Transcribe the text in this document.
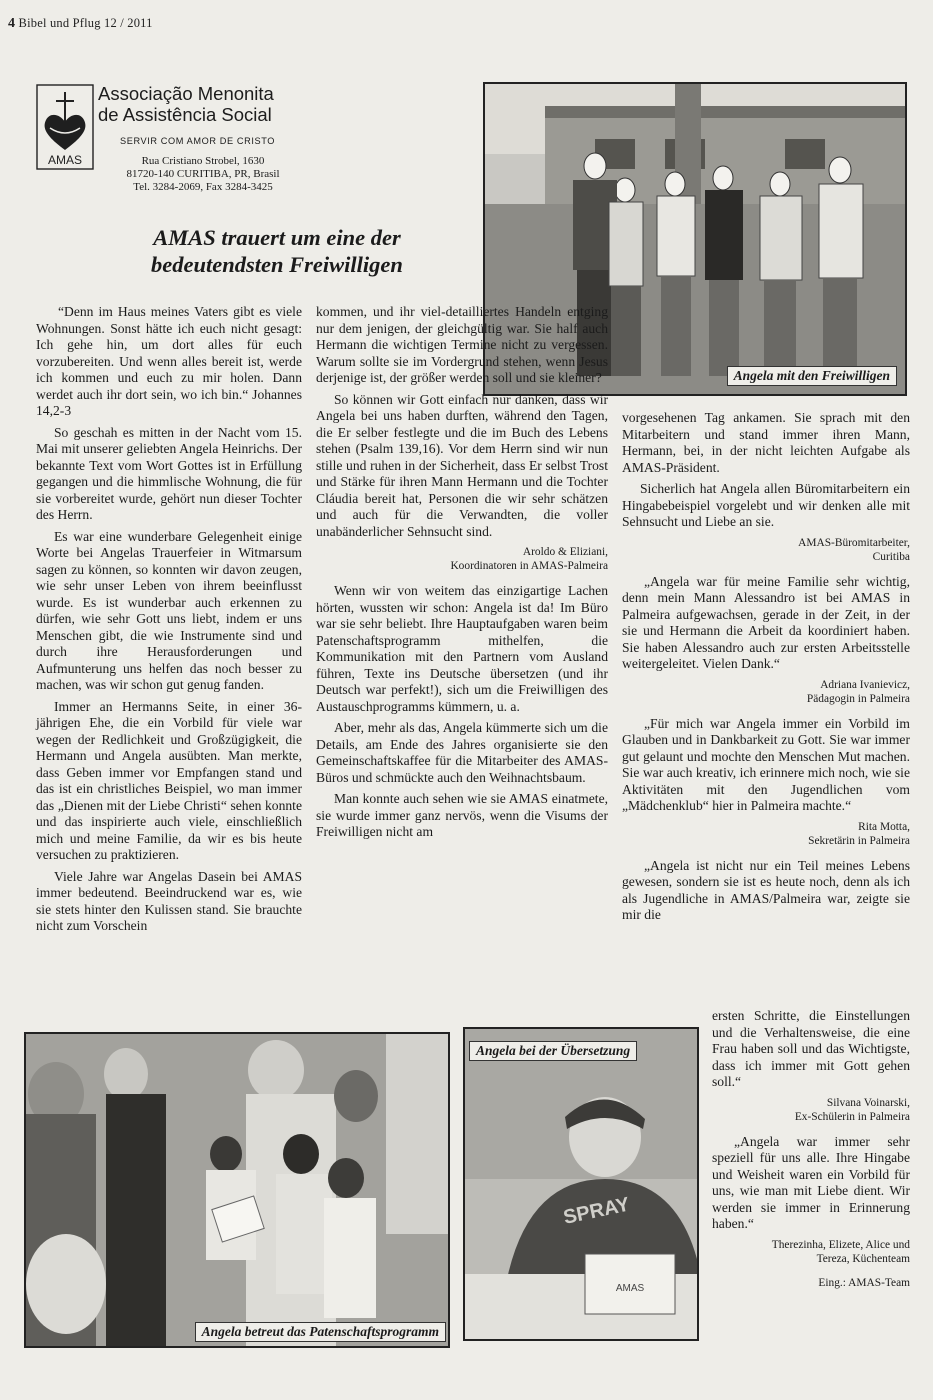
4 Bibel und Pflug 12 / 2011
AMAS
Associação Menonita
de Assistência Social
SERVIR COM AMOR DE CRISTO
Rua Cristiano Strobel, 1630
81720-140 CURITIBA, PR, Brasil
Tel. 3284-2069, Fax 3284-3425
AMAS trauert um eine der
bedeutendsten Freiwilligen
Angela mit den Freiwilligen

“Denn im Haus meines Vaters gibt es viele Wohnungen. Sonst hätte ich euch nicht gesagt: Ich gehe hin, um dort alles für euch vorzubereiten. Und wenn alles bereit ist, werde ich kommen und euch zu mir holen. Dann werdet auch ihr dort sein, wo ich bin.“ Johannes 14,2-3

So geschah es mitten in der Nacht vom 15. Mai mit unserer geliebten Angela Heinrichs. Der bekannte Text vom Wort Gottes ist in Erfüllung gegangen und die himmlische Wohnung, die für sie vorbereitet wurde, gehört nun dieser Tochter des Herrn.

Es war eine wunderbare Gelegenheit einige Worte bei Angelas Trauerfeier in Witmarsum sagen zu können, so konnten wir davon zeugen, wie sehr unser Leben von ihrem beeinflusst wurde. Es ist wunderbar auch erkennen zu dürfen, wie sehr Gott uns liebt, indem er uns Menschen gibt, die wie Instrumente sind und durch ihre Herausforderungen und Aufmunterung uns helfen das noch besser zu machen, was wir schon gut genug fanden.

Immer an Hermanns Seite, in einer 36-jährigen Ehe, die ein Vorbild für viele war wegen der Redlichkeit und Großzügigkeit, die Hermann und Angela ausübten. Man merkte, dass Geben immer vor Empfangen stand und das ist ein christliches Beispiel, wo man immer das „Dienen mit der Liebe Christi“ sehen konnte und das inspirierte auch viele, einschließlich mich und meine Familie, da wir es bis heute versuchen zu praktizieren.

Viele Jahre war Angelas Dasein bei AMAS immer bedeutend. Beeindruckend war es, wie sie stets hinter den Kulissen stand. Sie brauchte nicht zum Vorschein

kommen, und ihr viel-detailliertes Handeln entging nur dem jenigen, der gleichgültig war. Sie half auch Hermann die wichtigen Termine nicht zu vergessen. Warum sollte sie im Vordergrund stehen, wenn Jesus derjenige ist, der größer werden soll und sie kleiner?

So können wir Gott einfach nur danken, dass wir Angela bei uns haben durften, während den Tagen, die Er selber festlegte und die im Buch des Lebens stehen (Psalm 139,16). Vor dem Herrn sind wir nun stille und ruhen in der Sicherheit, dass Er selbst Trost und Stärke für ihren Mann Hermann und die Tochter Cláudia bereit hat, Personen die wir sehr schätzen und auch für die Verwandten, die voller unabänderlicher Sehnsucht sind.

Aroldo & Eliziani,
Koordinatoren in AMAS-Palmeira

Wenn wir von weitem das einzigartige Lachen hörten, wussten wir schon: Angela ist da! Im Büro war sie sehr beliebt. Ihre Hauptaufgaben waren beim Patenschaftsprogramm mithelfen, die Kommunikation mit den Partnern vom Ausland führen, Texte ins Deutsche übersetzen (und ihr Deutsch war perfekt!), sich um die Freiwilligen des Austauschprogramms kümmern, u. a.

Aber, mehr als das, Angela kümmerte sich um die Details, am Ende des Jahres organisierte sie den Gemeinschaftskaffee für die Mitarbeiter des AMAS-Büros und schmückte auch den Weihnachtsbaum.

Man konnte auch sehen wie sie AMAS einatmete, sie wurde immer ganz nervös, wenn die Visums der Freiwilligen nicht am

vorgesehenen Tag ankamen. Sie sprach mit den Mitarbeitern und stand immer ihren Mann, Hermann, bei, in der nicht leichten Aufgabe als AMAS-Präsident.

Sicherlich hat Angela allen Büromitarbeitern ein Hingabebeispiel vorgelebt und wir denken alle mit Sehnsucht und Liebe an sie.

AMAS-Büromitarbeiter,
Curitiba

„Angela war für meine Familie sehr wichtig, denn mein Mann Alessandro ist bei AMAS in Palmeira aufgewachsen, gerade in der Zeit, in der sie und Hermann die Arbeit da koordiniert haben. Sie haben Alessandro auch zur ersten Arbeitsstelle weitergeleitet. Vielen Dank.“

Adriana Ivanievicz,
Pädagogin in Palmeira

„Für mich war Angela immer ein Vorbild im Glauben und in Dankbarkeit zu Gott. Sie war immer gut gelaunt und mochte den Menschen Mut machen. Sie war auch kreativ, ich erinnere mich noch, wie sie Aktivitäten mit den Jugendlichen vom „Mädchenklub“ hier in Palmeira machte.“

Rita Motta,
Sekretärin in Palmeira

„Angela ist nicht nur ein Teil meines Lebens gewesen, sondern sie ist es heute noch, denn als ich als Jugendliche in AMAS/Palmeira war, zeigte sie mir die

ersten Schritte, die Einstellungen und die Verhaltensweise, die eine Frau haben soll und das Wichtigste, dass ich immer mit Gott gehen soll.“

Silvana Voinarski,
Ex-Schülerin in Palmeira

„Angela war immer sehr speziell für uns alle. Ihre Hingabe und Weisheit waren ein Vorbild für uns, wie man mit Liebe dient. Wir werden sie immer in Erinnerung haben.“

Therezinha, Elizete, Alice und
Tereza, Küchenteam
Eing.: AMAS-Team
SPRAY
AMAS
Angela bei der Übersetzung
Angela betreut das Patenschaftsprogramm
